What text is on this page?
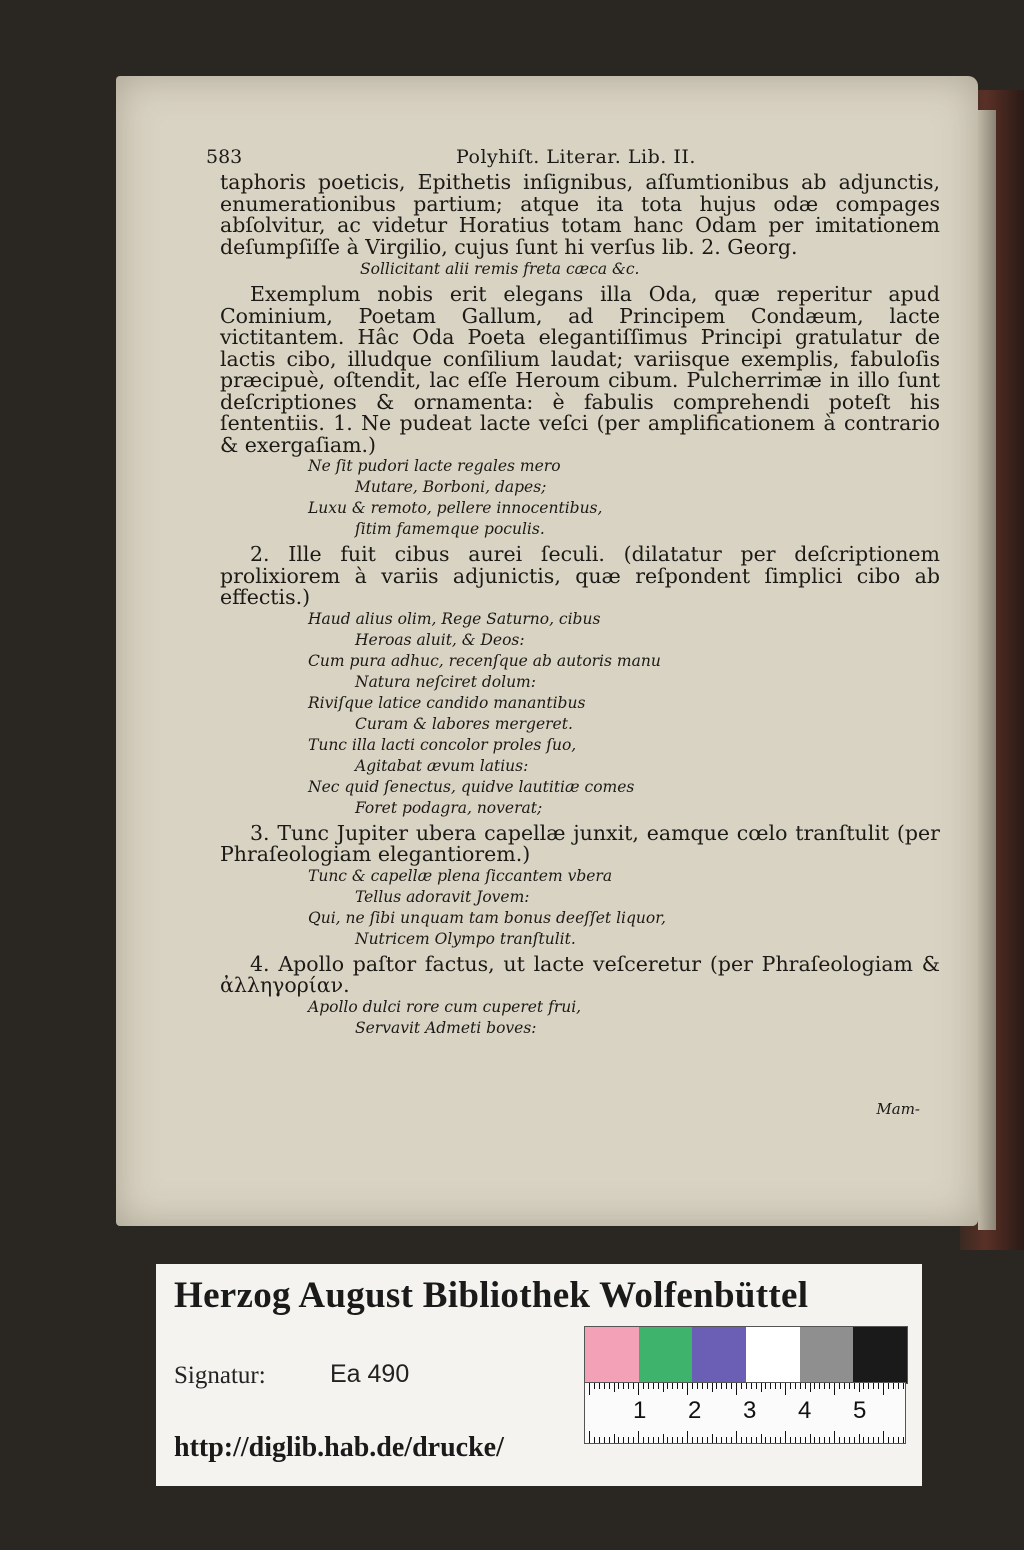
583	Polyhiſt. Literar. Lib. II.

taphoris poeticis, Epithetis inſignibus, aſſumtionibus ab adjunctis, enumerationibus partium; atque ita tota hujus odæ compages abſolvitur, ac videtur Horatius totam hanc Odam per imitationem deſumpſiſſe à Virgilio, cujus ſunt hi verſus lib. 2. Georg.

Sollicitant alii remis freta cæca &c.

Exemplum nobis erit elegans illa Oda, quæ reperitur apud Cominium, Poetam Gallum, ad Principem Condæum, lacte victitantem. Hâc Oda Poeta elegantiſſimus Principi gratulatur de lactis cibo, illudque conſilium laudat; variisque exemplis, fabuloſis præcipuè, oſtendit, lac eſſe Heroum cibum. Pulcherrimæ in illo ſunt deſcriptiones & ornamenta: è fabulis comprehendi poteſt his ſententiis. 1. Ne pudeat lacte veſci (per amplificationem à contrario & exergaſiam.)

Ne ſit pudori lacte regales mero
Mutare, Borboni, dapes;
Luxu & remoto, pellere innocentibus,
ſitim famemque poculis.

2. Ille fuit cibus aurei ſeculi. (dilatatur per deſcriptionem prolixiorem à variis adjunictis, quæ reſpondent ſimplici cibo ab effectis.)

Haud alius olim, Rege Saturno, cibus
Heroas aluit, & Deos:
Cum pura adhuc, recenſque ab autoris manu
Natura neſciret dolum:
Riviſque latice candido manantibus
Curam & labores mergeret.
Tunc illa lacti concolor proles ſuo,
Agitabat ævum latius:
Nec quid ſenectus, quidve lautitiæ comes
Foret podagra, noverat;

3. Tunc Jupiter ubera capellæ junxit, eamque cœlo tranſtulit (per Phraſeologiam elegantiorem.)

Tunc & capellæ plena ſiccantem vbera
Tellus adoravit Jovem:
Qui, ne ſibi unquam tam bonus deeſſet liquor,
Nutricem Olympo tranſtulit.

4. Apollo paſtor factus, ut lacte veſceretur (per Phraſeologiam & ἀλληγορίαν.

Apollo dulci rore cum cuperet frui,
Servavit Admeti boves:
Mam-
Herzog August Bibliothek Wolfenbüttel
Signatur:	Ea 490
1 2 3 4 5
http://diglib.hab.de/drucke/
